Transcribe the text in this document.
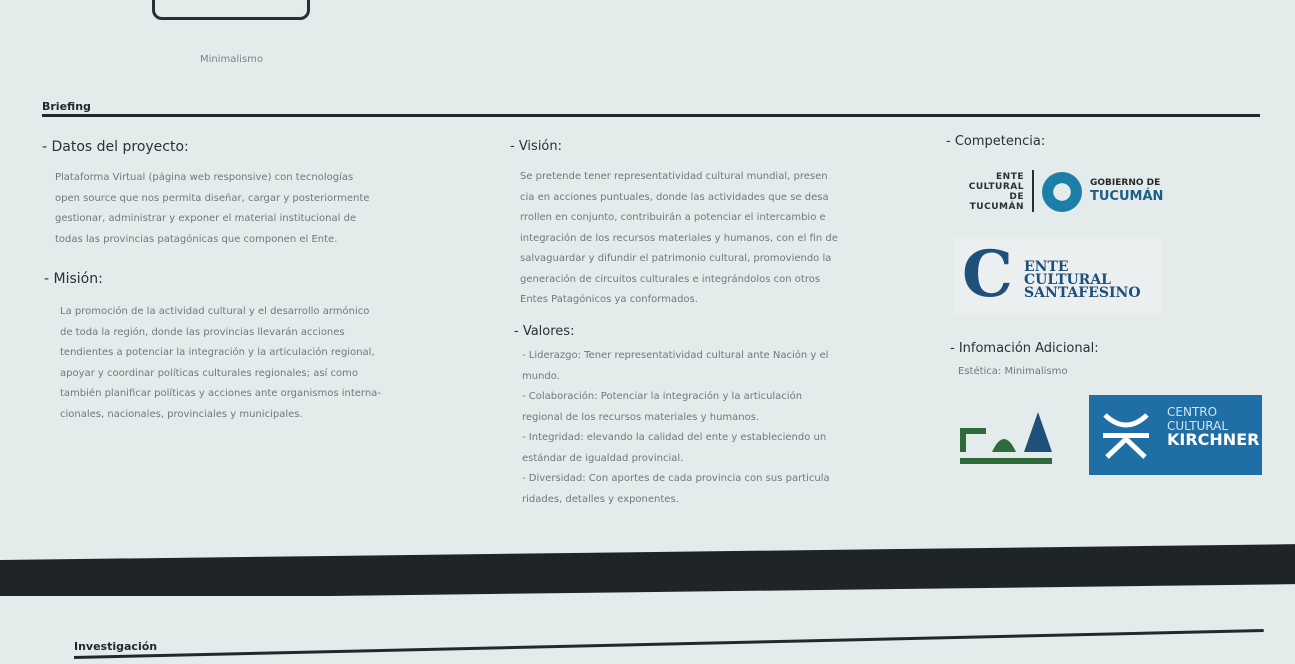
Minimalismo
Briefing
- Datos del proyecto:
Plataforma Virtual (página web responsive) con tecnologías
open source que nos permita diseñar, cargar y posteriormente
gestionar, administrar y exponer el material institucional de
todas las provincias patagónicas que componen el Ente.
- Misión:
La promoción de la actividad cultural y el desarrollo armónico
de toda la región, donde las provincias llevarán acciones
tendientes a potenciar la integración y la articulación regional,
apoyar y coordinar políticas culturales regionales; así como
también planificar políticas y acciones ante organismos interna-
cionales, nacionales, provinciales y municipales.
- Visión:
Se pretende tener representatividad cultural mundial, presen
cia en acciones puntuales, donde las actividades que se desa
rrollen en conjunto, contribuirán a potenciar el intercambio e
integración de los recursos materiales y humanos, con el fin de
salvaguardar y difundir el patrimonio cultural, promoviendo la
generación de circuitos culturales e integrándolos con otros
Entes Patagónicos ya conformados.
- Valores:
- Liderazgo: Tener representatividad cultural ante Nación y el
mundo.
- Colaboración: Potenciar la integración y la articulación
regional de los recursos materiales y humanos.
- Integridad: elevando la calidad del ente y estableciendo un
estándar de igualdad provincial.
- Diversidad: Con aportes de cada provincia con sus particula
ridades, detalles y exponentes.
- Competencia:
ENTE
CULTURAL
DE TUCUMÁN
GOBIERNO DE
TUCUMÁN
C ENTE
CULTURAL
SANTAFESINO
- Infomación Adicional:
Estética: Minimalismo
CENTRO
CULTURAL
KIRCHNER
Investigación
